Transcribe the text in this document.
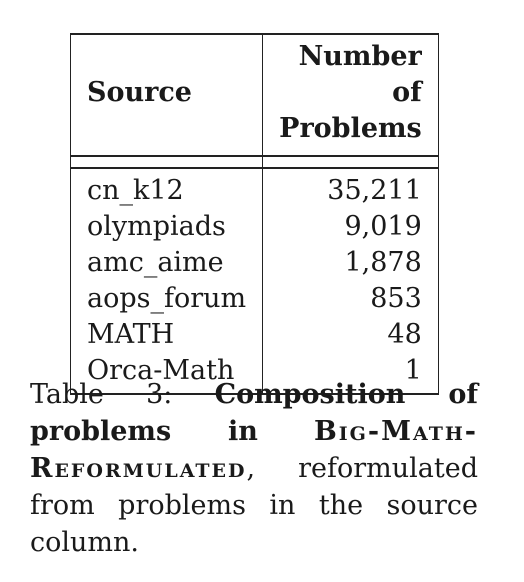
Source	Number of
Problems

cn_k12	35,211
olympiads	9,019
amc_aime	1,878
aops_forum	853
MATH	48
Orca-Math	1
Table 3: Composition of problems in Big-Math-Reformulated, reformulated from problems in the source column.
